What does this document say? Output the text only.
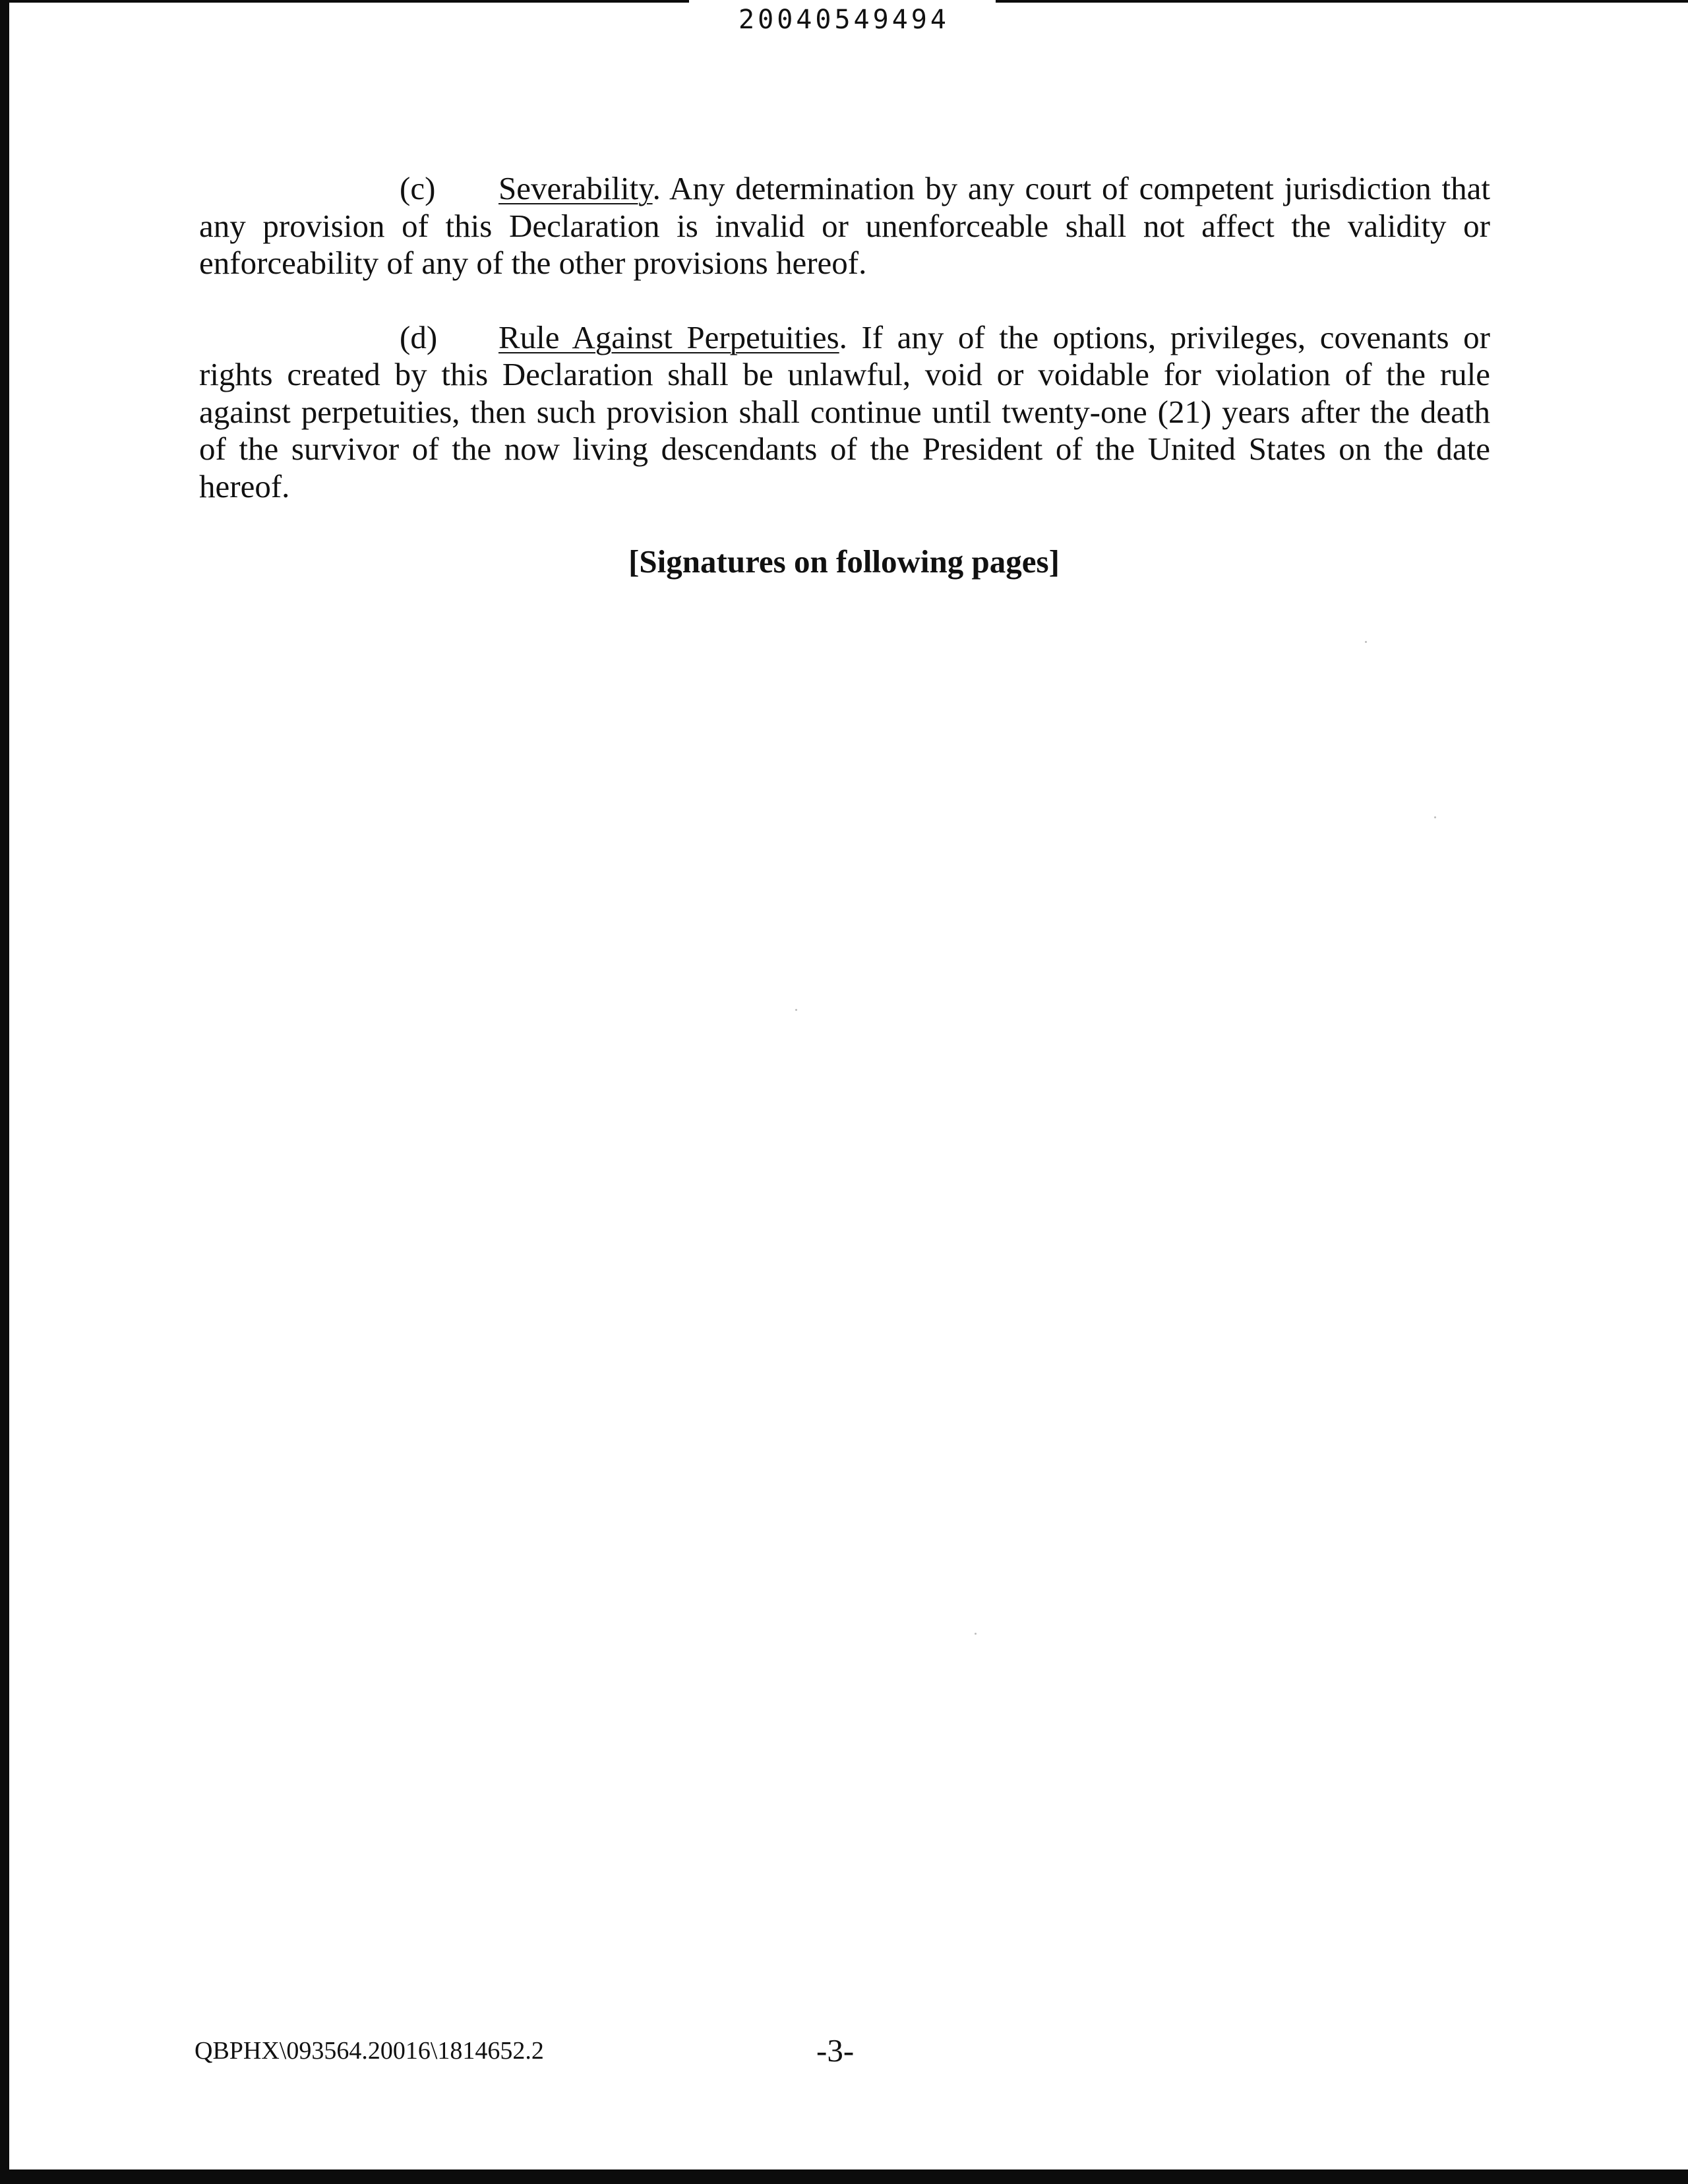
20040549494

(c) Severability. Any determination by any court of competent jurisdiction that any provision of this Declaration is invalid or unenforceable shall not affect the validity or enforceability of any of the other provisions hereof.

(d) Rule Against Perpetuities. If any of the options, privileges, covenants or rights created by this Declaration shall be unlawful, void or voidable for violation of the rule against perpetuities, then such provision shall continue until twenty-one (21) years after the death of the survivor of the now living descendants of the President of the United States on the date hereof.

[Signatures on following pages]
QBPHX\093564.20016\1814652.2	-3-
